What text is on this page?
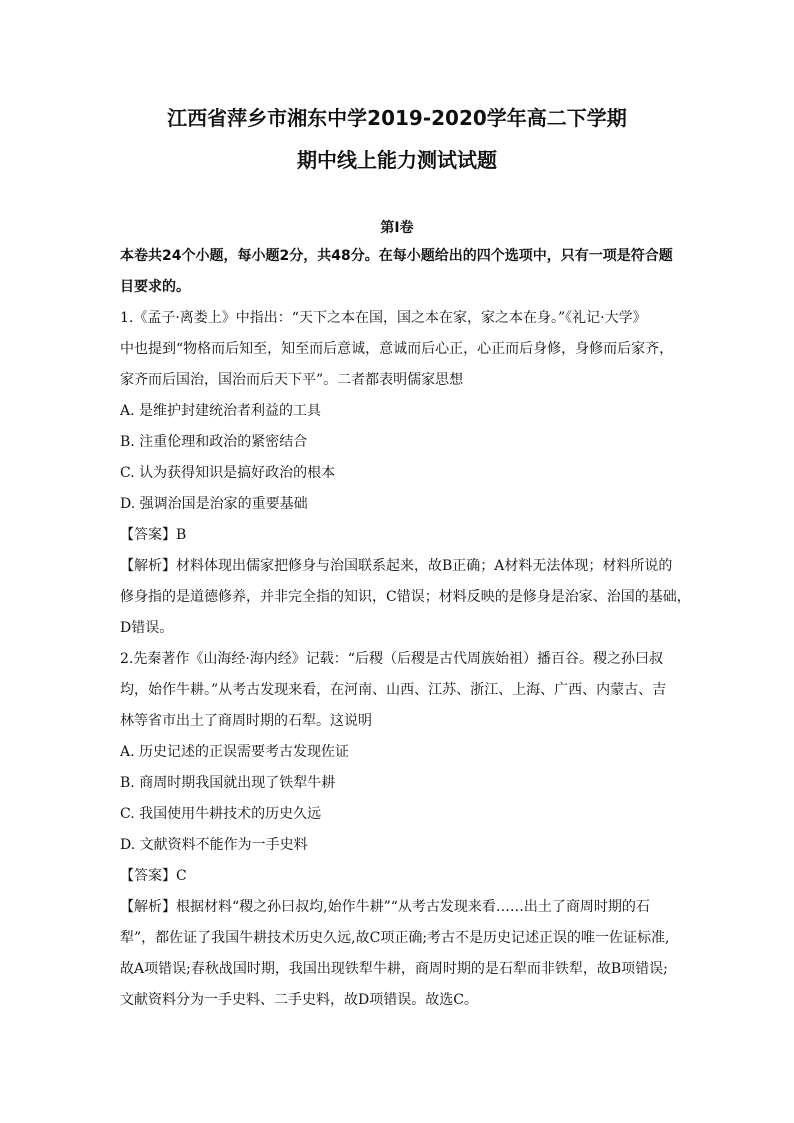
江西省萍乡市湘东中学2019-2020学年高二下学期
期中线上能力测试试题
第Ⅰ卷
本卷共24个小题，每小题2分，共48分。在每小题给出的四个选项中，只有一项是符合题目要求的。
1.《孟子·离娄上》中指出：“天下之本在国，国之本在家，家之本在身。”《礼记·大学》
中也提到“物格而后知至，知至而后意诚，意诚而后心正，心正而后身修，身修而后家齐，
家齐而后国治，国治而后天下平”。二者都表明儒家思想
A. 是维护封建统治者利益的工具
B. 注重伦理和政治的紧密结合
C. 认为获得知识是搞好政治的根本
D. 强调治国是治家的重要基础
【答案】B
【解析】材料体现出儒家把修身与治国联系起来，故B正确；A材料无法体现；材料所说的
修身指的是道德修养，并非完全指的知识，C错误；材料反映的是修身是治家、治国的基础，
D错误。
2.先秦著作《山海经·海内经》记载：“后稷（后稷是古代周族始祖）播百谷。稷之孙曰叔
均，始作牛耕。”从考古发现来看，在河南、山西、江苏、浙江、上海、广西、内蒙古、吉
林等省市出土了商周时期的石犁。这说明
A. 历史记述的正误需要考古发现佐证
B. 商周时期我国就出现了铁犁牛耕
C. 我国使用牛耕技术的历史久远
D. 文献资料不能作为一手史料
【答案】C
【解析】根据材料“稷之孙曰叔均,始作牛耕”“从考古发现来看……出土了商周时期的石
犁”，都佐证了我国牛耕技术历史久远,故C项正确;考古不是历史记述正误的唯一佐证标准,
故A项错误;春秋战国时期，我国出现铁犁牛耕，商周时期的是石犁而非铁犁，故B项错误;
文献资料分为一手史料、二手史料，故D项错误。故选C。
